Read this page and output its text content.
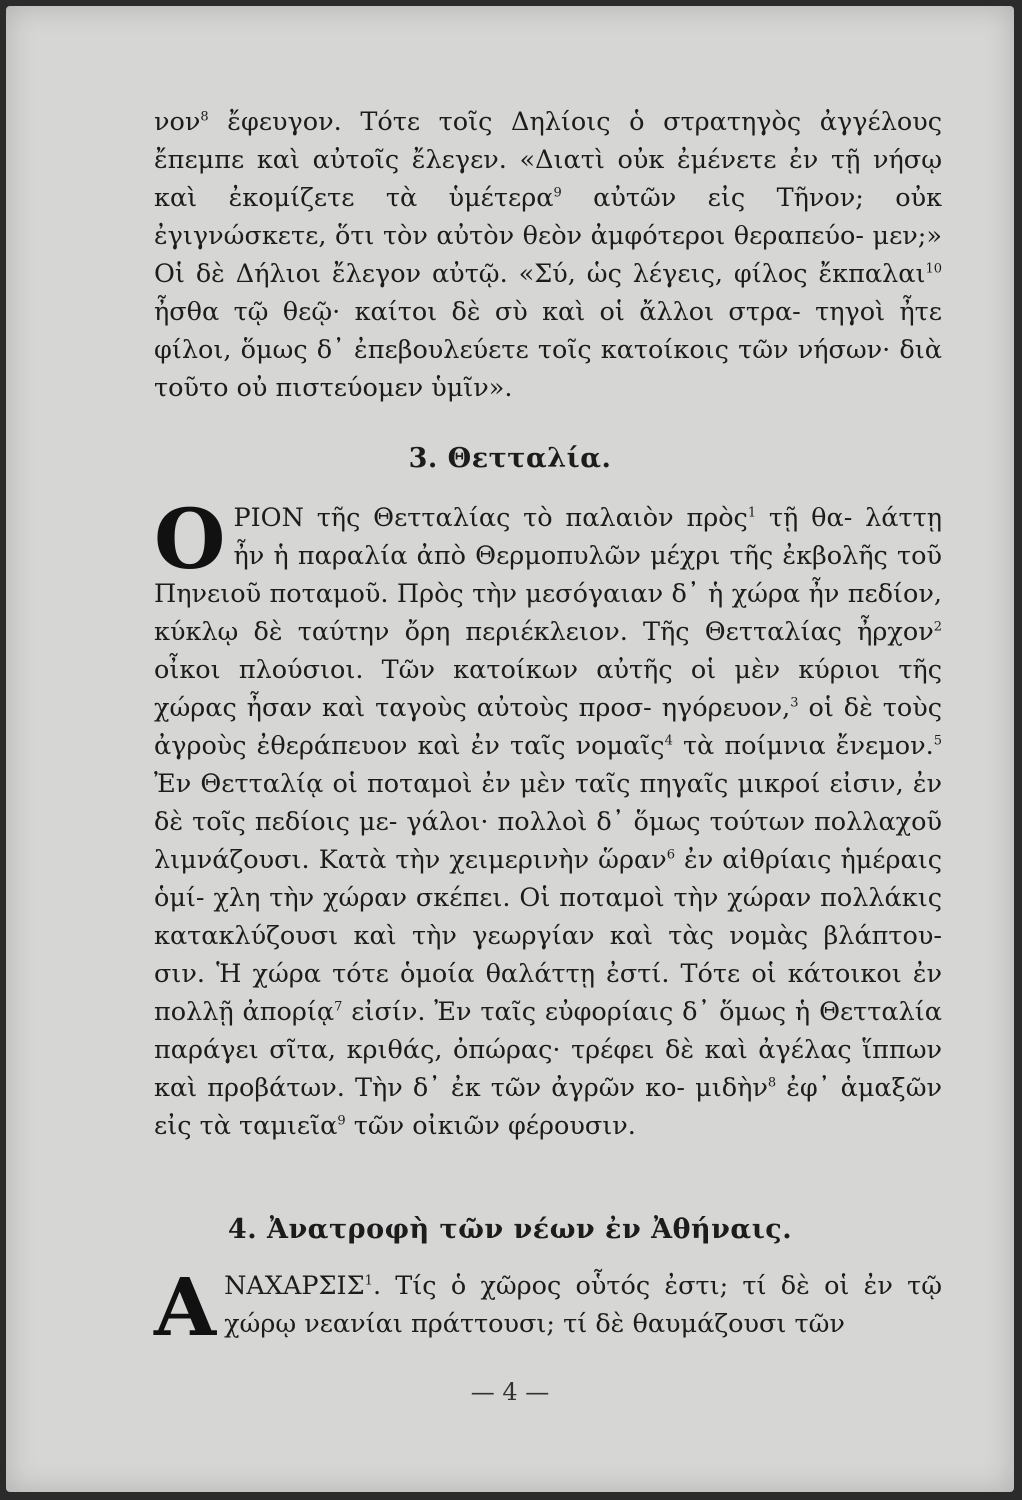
νον$^8$ ἔφευγον. Τότε τοῖς Δηλίοις ὁ στρατηγὸς ἀγγέλους ἔπεμπε καὶ αὐτοῖς ἔλεγεν. «Διατὶ οὐκ ἐμένετε ἐν τῇ νήσῳ καὶ ἐκομίζετε τὰ ὑμέτερα$^9$ αὐτῶν εἰς Τῆνον; οὐκ ἐγιγνώσκετε, ὅτι τὸν αὐτὸν θεὸν ἀμφότεροι θεραπεύο- μεν;» Οἱ δὲ Δήλιοι ἔλεγον αὐτῷ. «Σύ, ὡς λέγεις, φίλος ἔκπαλαι$^{10}$ ἦσθα τῷ θεῷ· καίτοι δὲ σὺ καὶ οἱ ἄλλοι στρα- τηγοὶ ἦτε φίλοι, ὅμως δ᾽ ἐπεβουλεύετε τοῖς κατοίκοις τῶν νήσων· διὰ τοῦτο οὐ πιστεύομεν ὑμῖν».

3. Θετταλία.
Ο ΡΙΟΝ τῆς Θετταλίας τὸ παλαιὸν πρὸς$^1$ τῇ θα- λάττῃ ἦν ἡ παραλία ἀπὸ Θερμοπυλῶν μέχρι τῆς ἐκβολῆς τοῦ Πηνειοῦ ποταμοῦ. Πρὸς τὴν μεσόγαιαν δ᾽ ἡ χώρα ἦν πεδίον, κύκλῳ δὲ ταύτην ὄρη περιέκλειον. Τῆς Θετταλίας ἦρχον$^2$ οἶκοι πλούσιοι. Τῶν κατοίκων αὐτῆς οἱ μὲν κύριοι τῆς χώρας ἦσαν καὶ ταγοὺς αὐτοὺς προσ- ηγόρευον,$^3$ οἱ δὲ τοὺς ἀγροὺς ἐθεράπευον καὶ ἐν ταῖς νομαῖς$^4$ τὰ ποίμνια ἔνεμον.$^5$ Ἐν Θετταλίᾳ οἱ ποταμοὶ ἐν μὲν ταῖς πηγαῖς μικροί εἰσιν, ἐν δὲ τοῖς πεδίοις με- γάλοι· πολλοὶ δ᾽ ὅμως τούτων πολλαχοῦ λιμνάζουσι. Κατὰ τὴν χειμερινὴν ὥραν$^6$ ἐν αἰθρίαις ἡμέραις ὁμί- χλη τὴν χώραν σκέπει. Οἱ ποταμοὶ τὴν χώραν πολλάκις κατακλύζουσι καὶ τὴν γεωργίαν καὶ τὰς νομὰς βλάπτου- σιν. Ἡ χώρα τότε ὁμοία θαλάττῃ ἐστί. Τότε οἱ κάτοικοι ἐν πολλῇ ἀπορίᾳ$^7$ εἰσίν. Ἐν ταῖς εὐφορίαις δ᾽ ὅμως ἡ Θετταλία παράγει σῖτα, κριθάς, ὀπώρας· τρέφει δὲ καὶ ἀγέλας ἵππων καὶ προβάτων. Τὴν δ᾽ ἐκ τῶν ἀγρῶν κο- μιδὴν$^8$ ἐφ᾽ ἁμαξῶν εἰς τὰ ταμιεῖα$^9$ τῶν οἰκιῶν φέρουσιν.

4. Ἀνατροφὴ τῶν νέων ἐν Ἀθήναις.
Α ΝΑΧΑΡΣΙΣ$^1$. Τίς ὁ χῶρος οὗτός ἐστι; τί δὲ οἱ ἐν τῷ χώρῳ νεανίαι πράττουσι; τί δὲ θαυμάζουσι τῶν

— 4 —
